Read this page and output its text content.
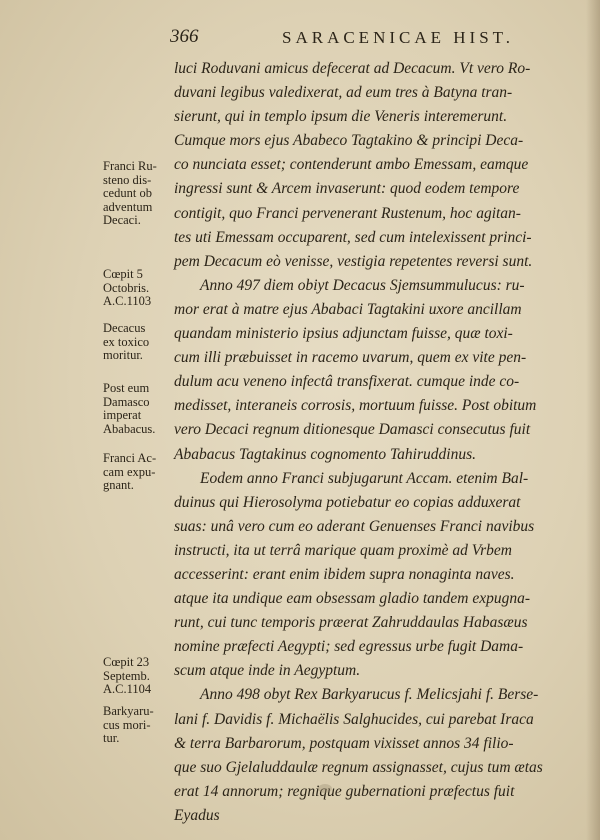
366	SARACENICAE HIST.
luci Roduvani amicus defecerat ad Decacum. Vt vero Ro-
duvani legibus valedixerat, ad eum tres à Batyna tran-
sierunt, qui in templo ipsum die Veneris interemerunt.
Cumque mors ejus Ababeco Tagtakino & principi Deca-
co nunciata esset; contenderunt ambo Emessam, eamque
ingressi sunt & Arcem invaserunt: quod eodem tempore
contigit, quo Franci pervenerant Rustenum, hoc agitan-
tes uti Emessam occuparent, sed cum intelexissent princi-
pem Decacum eò venisse, vestigia repetentes reversi sunt.
Anno 497 diem obiyt Decacus Sjemsummulucus: ru-
mor erat à matre ejus Ababaci Tagtakini uxore ancillam
quandam ministerio ipsius adjunctam fuisse, quæ toxi-
cum illi præbuisset in racemo uvarum, quem ex vite pen-
dulum acu veneno infectâ transfixerat. cumque inde co-
medisset, interaneis corrosis, mortuum fuisse. Post obitum
vero Decaci regnum ditionesque Damasci consecutus fuit
Ababacus Tagtakinus cognomento Tahiruddinus.
Eodem anno Franci subjugarunt Accam. etenim Bal-
duinus qui Hierosolyma potiebatur eo copias adduxerat
suas: unâ vero cum eo aderant Genuenses Franci navibus
instructi, ita ut terrâ marique quam proximè ad Vrbem
accesserint: erant enim ibidem supra nonaginta naves.
atque ita undique eam obsessam gladio tandem expugna-
runt, cui tunc temporis præerat Zahruddaulas Habasæus
nomine præfecti Aegypti; sed egressus urbe fugit Dama-
scum atque inde in Aegyptum.
Anno 498 obyt Rex Barkyarucus f. Melicsjahi f. Berse-
lani f. Davidis f. Michaëlis Salghucides, cui parebat Iraca
& terra Barbarorum, postquam vixisset annos 34 filio-
que suo Gjelaluddaulæ regnum assignasset, cujus tum ætas
erat 14 annorum; regnique gubernationi præfectus fuit
Eyadus
Franci Ru-
steno dis-
cedunt ob
adventum
Decaci.
Cœpit 5
Octobris.
A.C.1103
Decacus
ex toxico
moritur.
Post eum
Damasco
imperat
Ababacus.
Franci Ac-
cam expu-
gnant.
Cœpit 23
Septemb.
A.C.1104
Barkyaru-
cus mori-
tur.
